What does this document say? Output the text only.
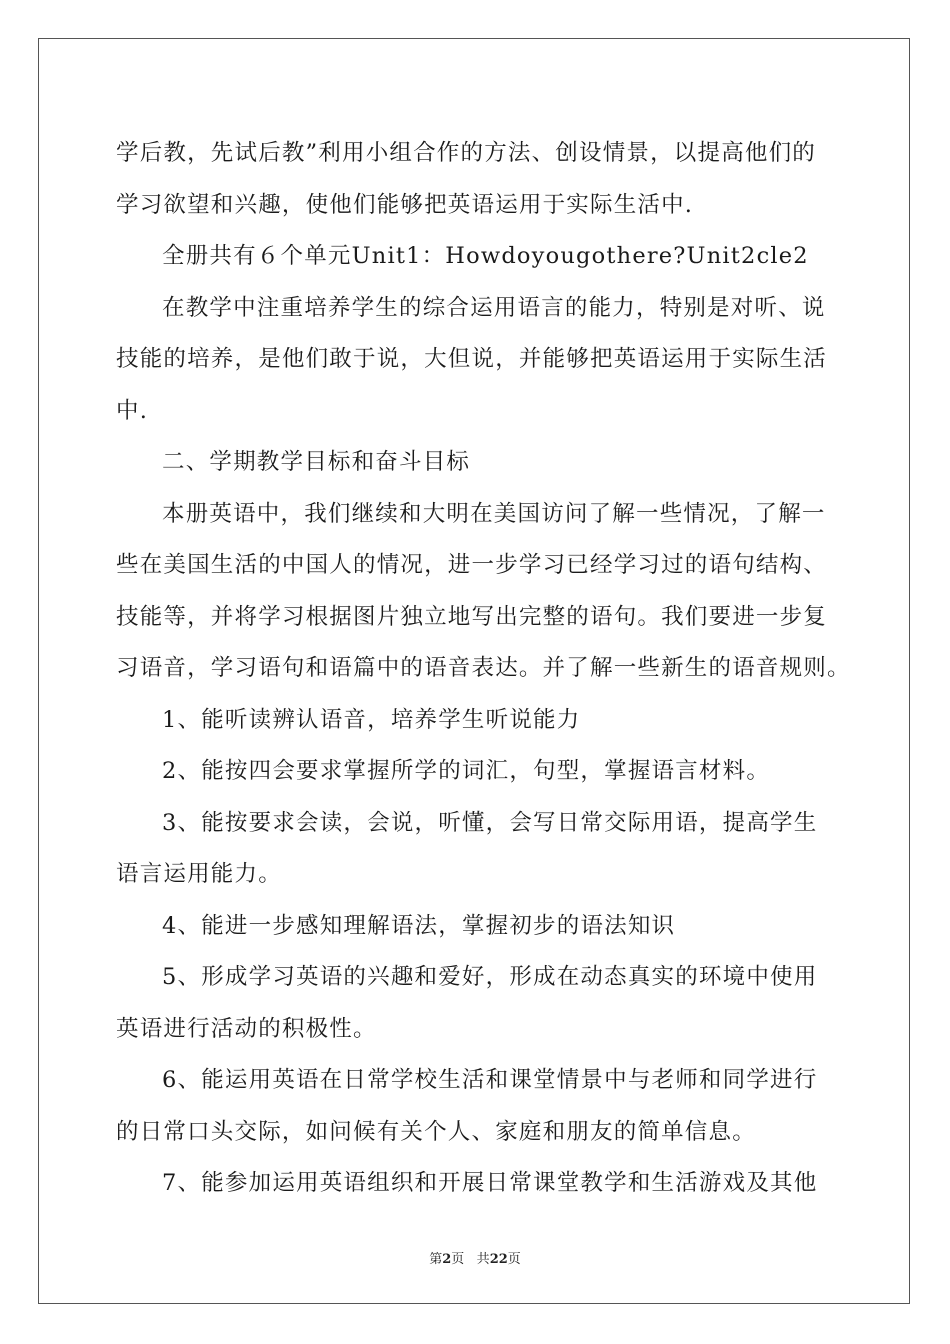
学后教，先试后教”利用小组合作的方法、创设情景，以提高他们的
学习欲望和兴趣，使他们能够把英语运用于实际生活中.
全册共有６个单元Unit1：Howdoyougothere?Unit2cle2
在教学中注重培养学生的综合运用语言的能力，特别是对听、说
技能的培养，是他们敢于说，大但说，并能够把英语运用于实际生活
中.
二、学期教学目标和奋斗目标
本册英语中，我们继续和大明在美国访问了解一些情况，了解一
些在美国生活的中国人的情况，进一步学习已经学习过的语句结构、
技能等，并将学习根据图片独立地写出完整的语句。我们要进一步复
习语音，学习语句和语篇中的语音表达。并了解一些新生的语音规则。
1、能听读辨认语音，培养学生听说能力
2、能按四会要求掌握所学的词汇，句型，掌握语言材料。
3、能按要求会读，会说，听懂，会写日常交际用语，提高学生
语言运用能力。
4、能进一步感知理解语法，掌握初步的语法知识
5、形成学习英语的兴趣和爱好，形成在动态真实的环境中使用
英语进行活动的积极性。
6、能运用英语在日常学校生活和课堂情景中与老师和同学进行
的日常口头交际，如问候有关个人、家庭和朋友的简单信息。
7、能参加运用英语组织和开展日常课堂教学和生活游戏及其他
第2页 共22页
